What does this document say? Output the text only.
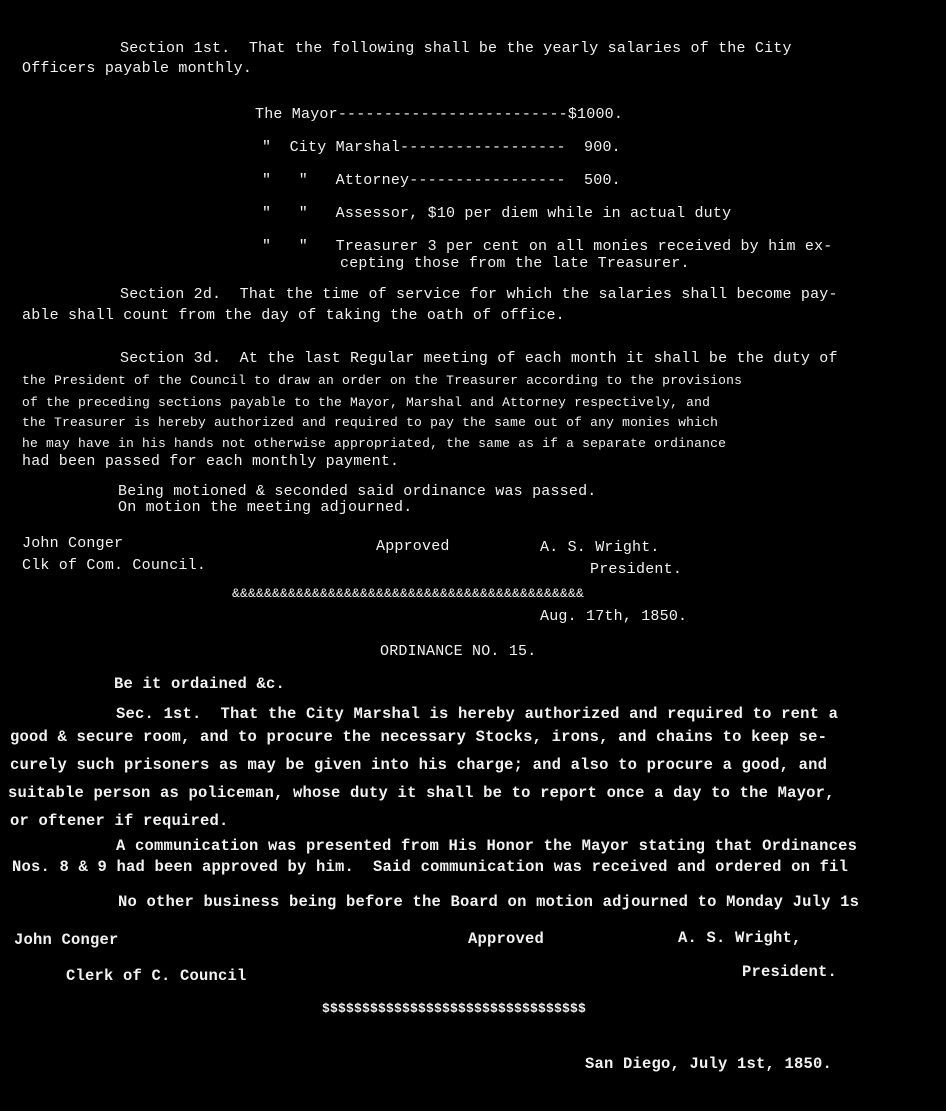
Section 1st.  That the following shall be the yearly salaries of the City
Officers payable monthly.
The Mayor-------------------------$1000.
"  City Marshal------------------  900.
"   "   Attorney-----------------  500.
"   "   Assessor, $10 per diem while in actual duty
"   "   Treasurer 3 per cent on all monies received by him ex-
cepting those from the late Treasurer.
Section 2d.  That the time of service for which the salaries shall become pay-
able shall count from the day of taking the oath of office.
Section 3d.  At the last Regular meeting of each month it shall be the duty of
the President of the Council to draw an order on the Treasurer according to the provisions
of the preceding sections payable to the Mayor, Marshal and Attorney respectively, and
the Treasurer is hereby authorized and required to pay the same out of any monies which
he may have in his hands not otherwise appropriated, the same as if a separate ordinance
had been passed for each monthly payment.
Being motioned & seconded said ordinance was passed.
On motion the meeting adjourned.
John Conger
Clk of Com. Council.
Approved	A. S. Wright.
President.
&&&&&&&&&&&&&&&&&&&&&&&&&&&&&&&&&&&&&&&&&&&&
Aug. 17th, 1850.
ORDINANCE NO. 15.
Be it ordained &c.
Sec. 1st.  That the City Marshal is hereby authorized and required to rent a
good & secure room, and to procure the necessary Stocks, irons, and chains to keep se-
curely such prisoners as may be given into his charge; and also to procure a good, and
suitable person as policeman, whose duty it shall be to report once a day to the Mayor,
or oftener if required.
A communication was presented from His Honor the Mayor stating that Ordinances
Nos. 8 & 9 had been approved by him.  Said communication was received and ordered on fil
No other business being before the Board on motion adjourned to Monday July 1s
John Conger
Clerk of C. Council
Approved	A. S. Wright,
President.
$$$$$$$$$$$$$$$$$$$$$$$$$$$$$$$$$
San Diego, July 1st, 1850.
